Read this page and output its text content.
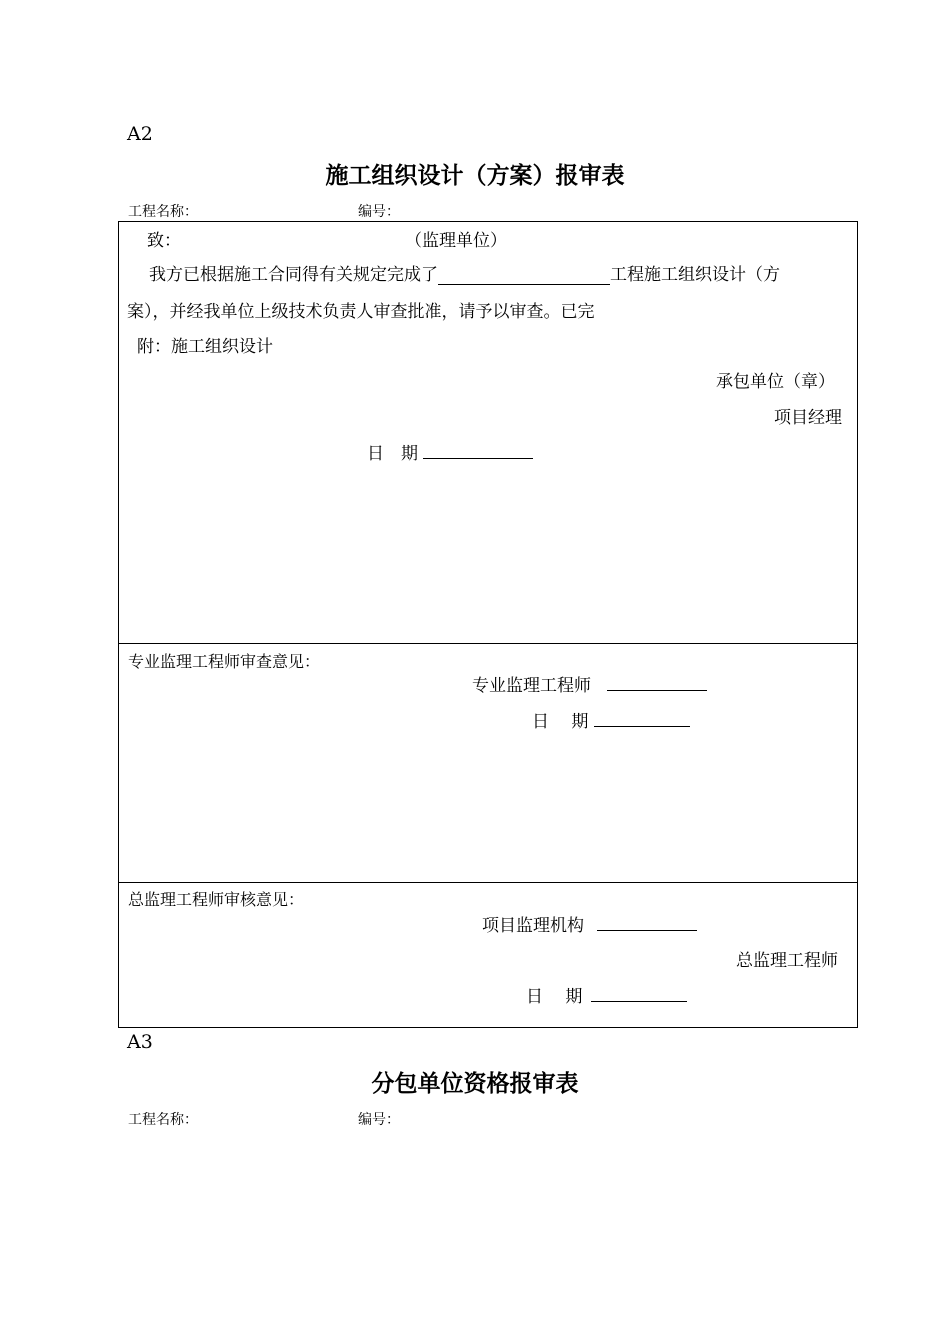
A2
施工组织设计（方案）报审表
工程名称：	编号：
致：	（监理单位）
我方已根据施工合同得有关规定完成了	工程施工组织设计（方
案），并经我单位上级技术负责人审查批准，请予以审查。已完
附：施工组织设计
承包单位（章）
项目经理
日　期
专业监理工程师审查意见：
专业监理工程师
日　 期
总监理工程师审核意见：
项目监理机构
总监理工程师
日　 期
A3
分包单位资格报审表
工程名称：	编号：
